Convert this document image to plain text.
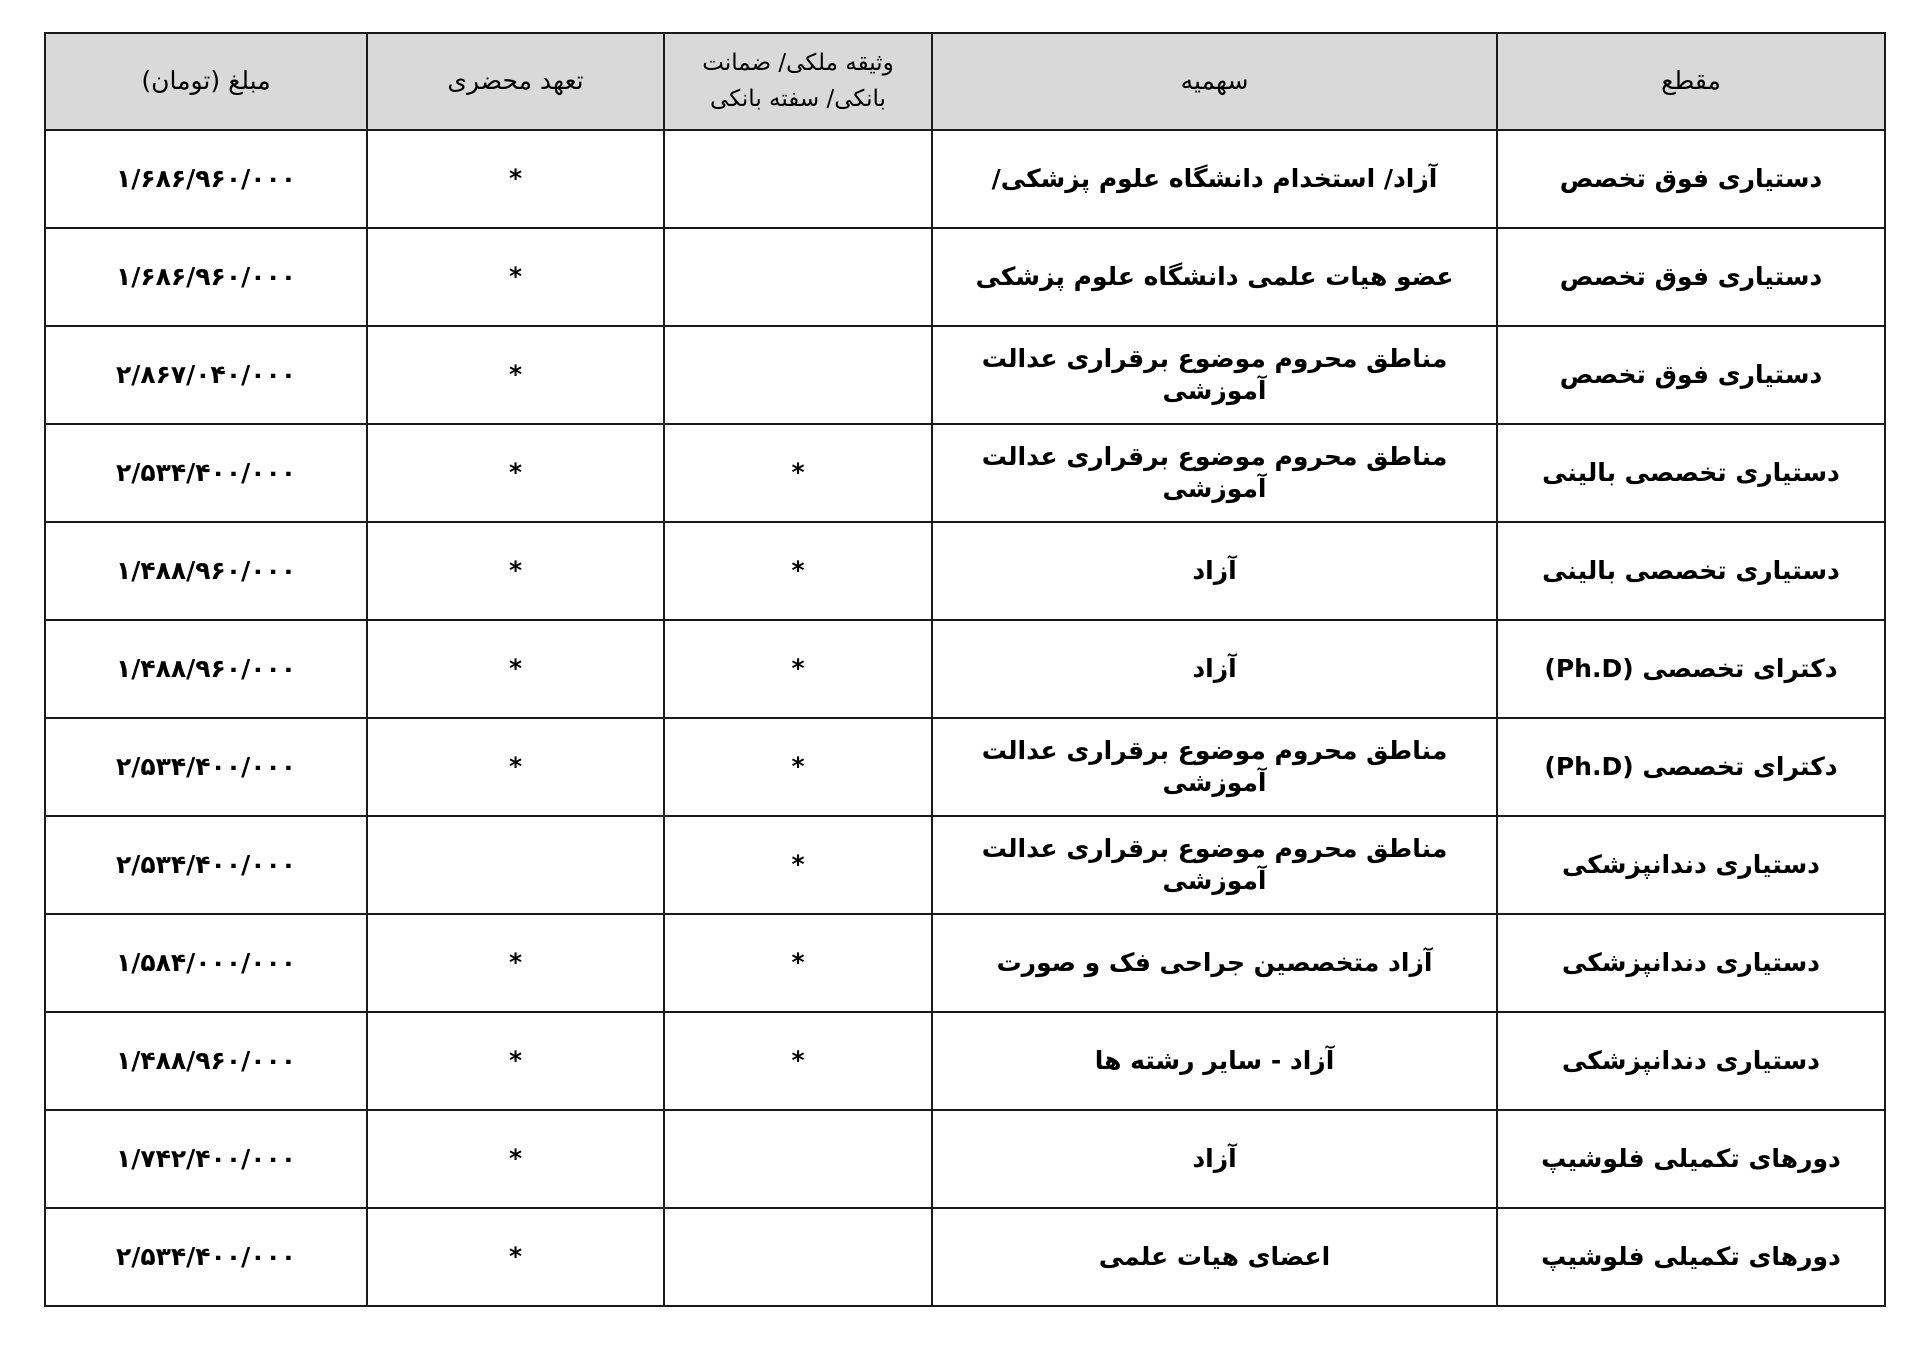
مقطع	سهمیه	وثیقه ملکی/ ضمانت بانکی/ سفته بانکی	تعهد محضری	مبلغ (تومان)
دستیاری فوق تخصص	آزاد/ استخدام دانشگاه علوم پزشکی/		*	۱/۶۸۶/۹۶۰/۰۰۰
دستیاری فوق تخصص	عضو هیات علمی دانشگاه علوم پزشکی		*	۱/۶۸۶/۹۶۰/۰۰۰
دستیاری فوق تخصص	مناطق محروم موضوع برقراری عدالت آموزشی		*	۲/۸۶۷/۰۴۰/۰۰۰
دستیاری تخصصی بالینی	مناطق محروم موضوع برقراری عدالت آموزشی	*	*	۲/۵۳۴/۴۰۰/۰۰۰
دستیاری تخصصی بالینی	آزاد	*	*	۱/۴۸۸/۹۶۰/۰۰۰
دکترای تخصصی (Ph.D)	آزاد	*	*	۱/۴۸۸/۹۶۰/۰۰۰
دکترای تخصصی (Ph.D)	مناطق محروم موضوع برقراری عدالت آموزشی	*	*	۲/۵۳۴/۴۰۰/۰۰۰
دستیاری دندانپزشکی	مناطق محروم موضوع برقراری عدالت آموزشی	*		۲/۵۳۴/۴۰۰/۰۰۰
دستیاری دندانپزشکی	آزاد متخصصین جراحی فک و صورت	*	*	۱/۵۸۴/۰۰۰/۰۰۰
دستیاری دندانپزشکی	آزاد - سایر رشته ها	*	*	۱/۴۸۸/۹۶۰/۰۰۰
دورهای تکمیلی فلوشیپ	آزاد		*	۱/۷۴۲/۴۰۰/۰۰۰
دورهای تکمیلی فلوشیپ	اعضای هیات علمی		*	۲/۵۳۴/۴۰۰/۰۰۰
